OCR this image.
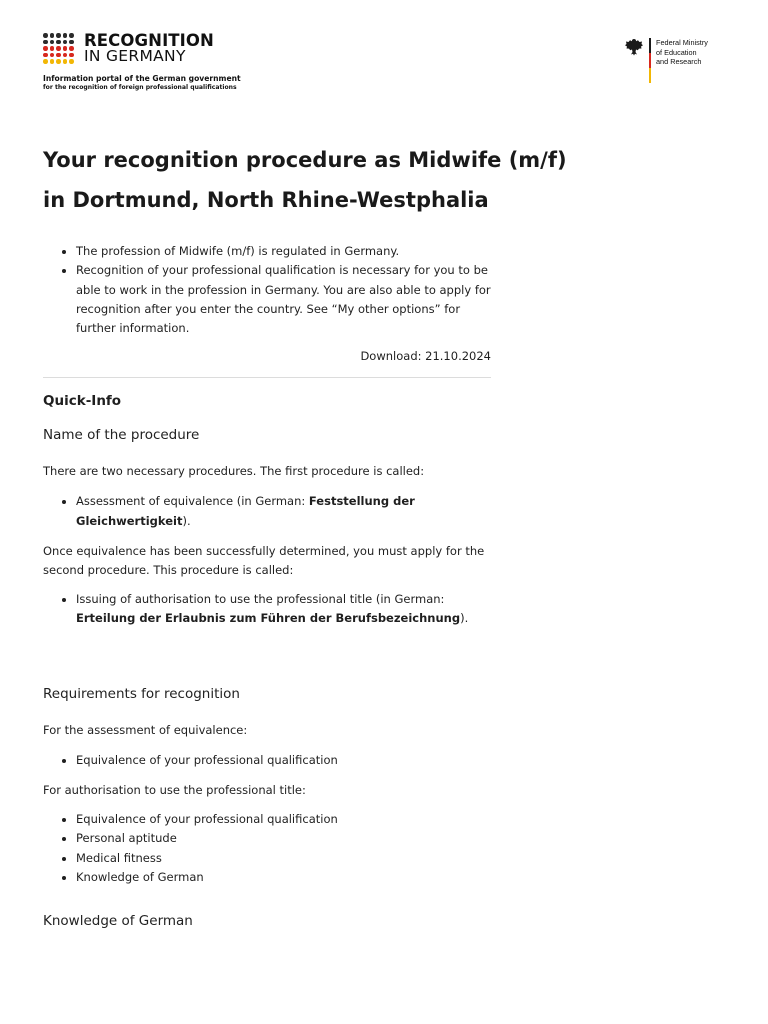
RECOGNITION
IN GERMANY
Information portal of the German government
for the recognition of foreign professional qualifications
Federal Ministry
of Education
and Research
Your recognition procedure as Midwife (m/f)
in Dortmund, North Rhine-Westphalia
• The profession of Midwife (m/f) is regulated in Germany.
• Recognition of your professional qualification is necessary for you to be able to work in the profession in Germany. You are also able to apply for recognition after you enter the country. See “My other options” for further information.
Download: 21.10.2024
Quick-Info
Name of the procedure

There are two necessary procedures. The first procedure is called:

• Assessment of equivalence (in German: Feststellung der Gleichwertigkeit).

Once equivalence has been successfully determined, you must apply for the second procedure. This procedure is called:

• Issuing of authorisation to use the professional title (in German: Erteilung der Erlaubnis zum Führen der Berufsbezeichnung).
Requirements for recognition

For the assessment of equivalence:

• Equivalence of your professional qualification

For authorisation to use the professional title:

• Equivalence of your professional qualification
• Personal aptitude
• Medical fitness
• Knowledge of German
Knowledge of German
